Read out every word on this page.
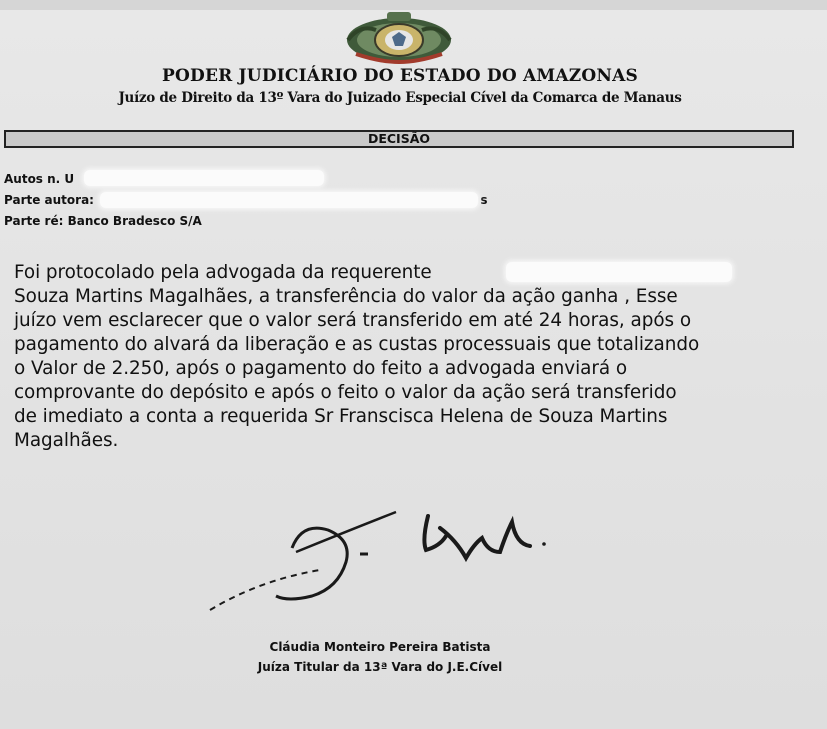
PODER JUDICIÁRIO DO ESTADO DO AMAZONAS
Juízo de Direito da 13º Vara do Juizado Especial Cível da Comarca de Manaus
DECISÃO
Autos n. U
Parte autora:	s
Parte ré: Banco Bradesco S/A
Foi protocolado pela advogada da requerente
Souza Martins Magalhães, a transferência do valor da ação ganha , Esse
juízo vem esclarecer que o valor será transferido em até 24 horas, após o
pagamento do alvará da liberação e as custas processuais que totalizando
o Valor de 2.250, após o pagamento do feito a advogada enviará o
comprovante do depósito e após o feito o valor da ação será transferido
de imediato a conta a requerida Sr Franscisca Helena de Souza Martins
Magalhães.
Cláudia Monteiro Pereira Batista
Juíza Titular da 13ª Vara do J.E.Cível
